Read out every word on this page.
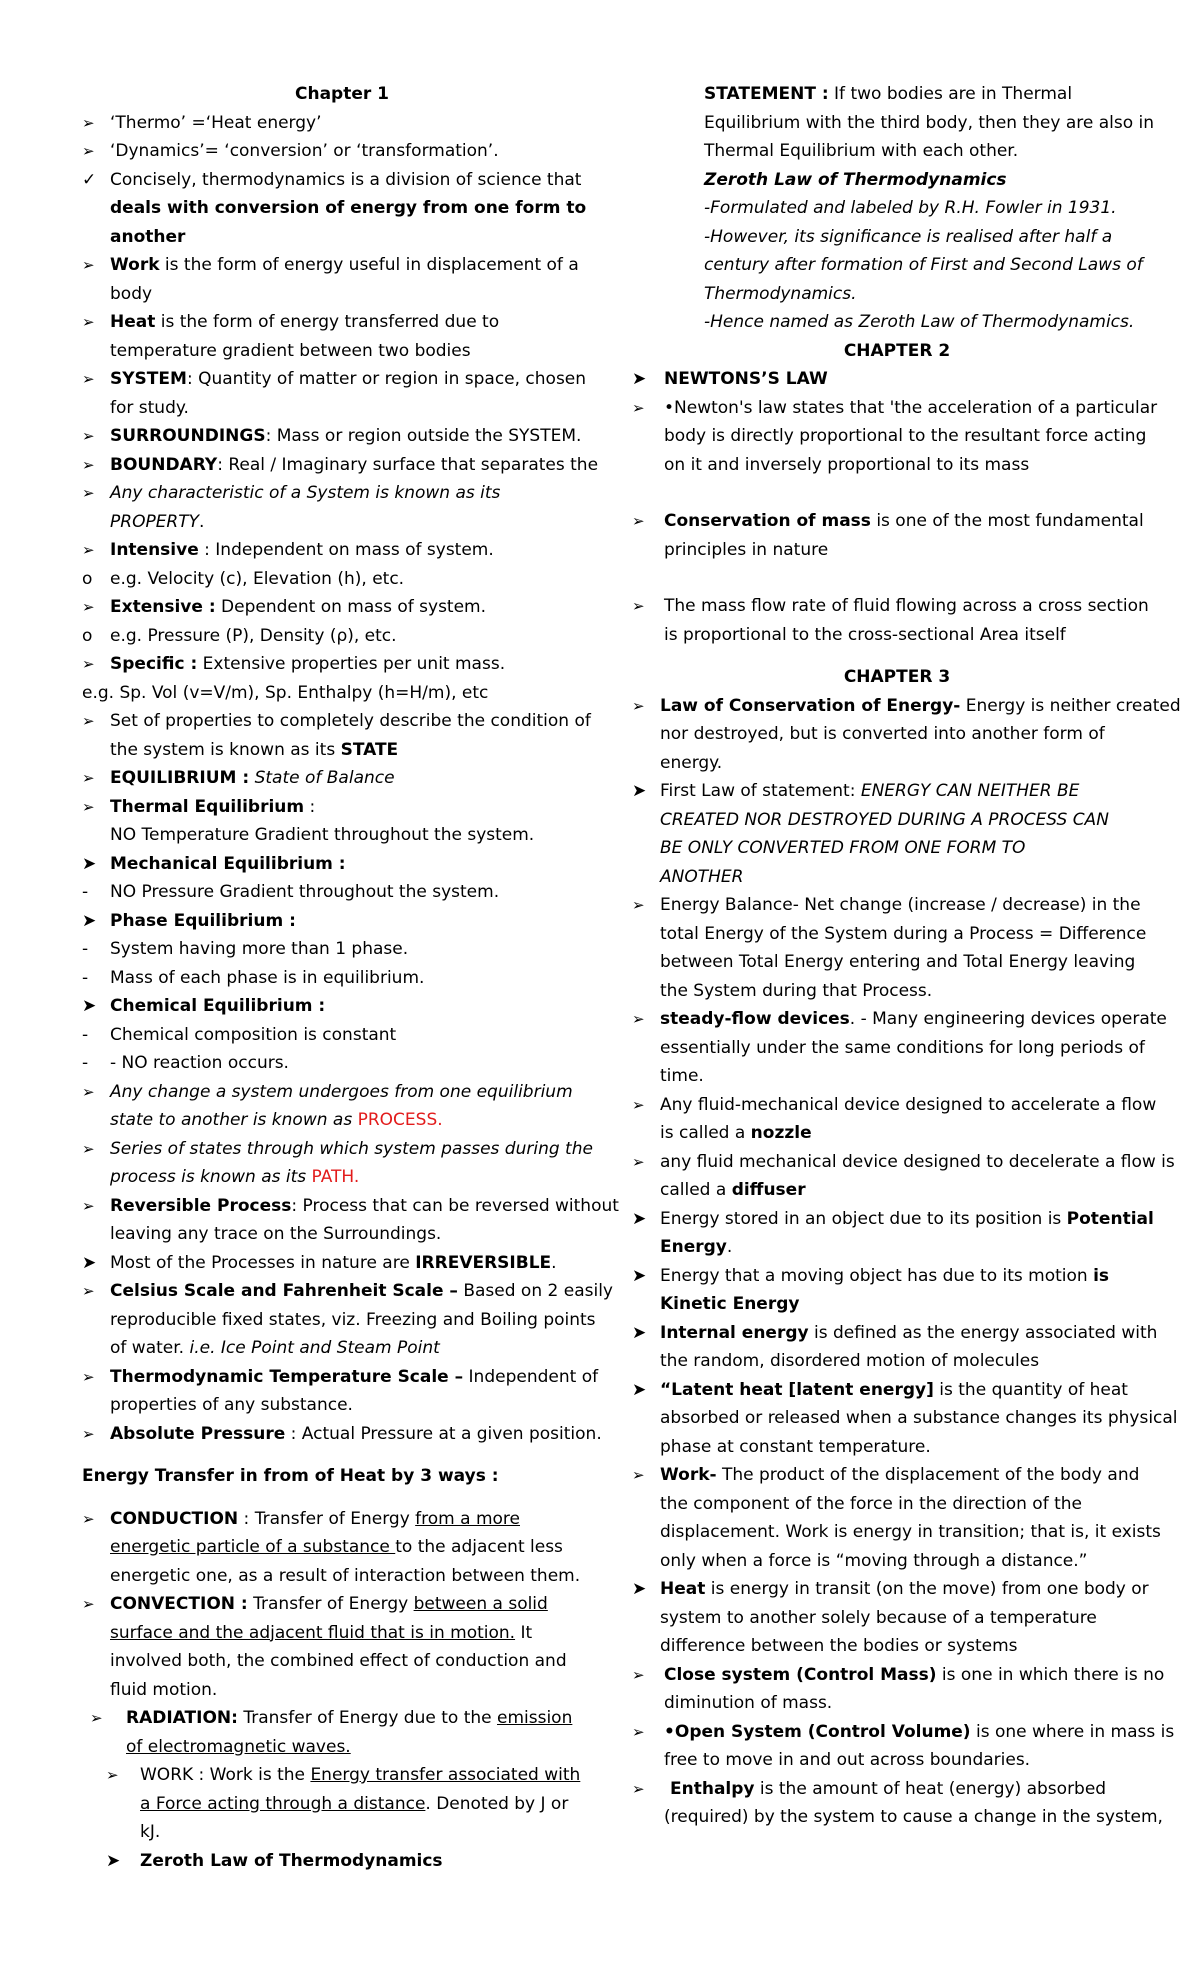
Chapter 1
➢ ‘Thermo’ =‘Heat energy’
➢ ‘Dynamics’= ‘conversion’ or ‘transformation’.
✓ Concisely, thermodynamics is a division of science that
deals with conversion of energy from one form to
another
➢ Work is the form of energy useful in displacement of a
body
➢ Heat is the form of energy transferred due to
temperature gradient between two bodies
➢ SYSTEM: Quantity of matter or region in space, chosen
for study.
➢ SURROUNDINGS: Mass or region outside the SYSTEM.
➢ BOUNDARY: Real / Imaginary surface that separates the
➢ Any characteristic of a System is known as its
PROPERTY.
➢ Intensive : Independent on mass of system.
o	e.g. Velocity (c), Elevation (h), etc.
➢ Extensive : Dependent on mass of system.
o	e.g. Pressure (P), Density (ρ), etc.
➢ Specific : Extensive properties per unit mass.
e.g. Sp. Vol (v=V/m), Sp. Enthalpy (h=H/m), etc
➢ Set of properties to completely describe the condition of
the system is known as its STATE
➢ EQUILIBRIUM : State of Balance
➢ Thermal Equilibrium :
NO Temperature Gradient throughout the system.
➤ Mechanical Equilibrium :
-	NO Pressure Gradient throughout the system.
➤ Phase Equilibrium :
-	System having more than 1 phase.
-	Mass of each phase is in equilibrium.
➤ Chemical Equilibrium :
-	Chemical composition is constant
-	- NO reaction occurs.
➢ Any change a system undergoes from one equilibrium
state to another is known as PROCESS.
➢ Series of states through which system passes during the
process is known as its PATH.
➢ Reversible Process: Process that can be reversed without
leaving any trace on the Surroundings.
➤ Most of the Processes in nature are IRREVERSIBLE.
➢ Celsius Scale and Fahrenheit Scale – Based on 2 easily
reproducible fixed states, viz. Freezing and Boiling points
of water. i.e. Ice Point and Steam Point
➢ Thermodynamic Temperature Scale – Independent of
properties of any substance.
➢ Absolute Pressure : Actual Pressure at a given position.
Energy Transfer in from of Heat by 3 ways :
➢ CONDUCTION : Transfer of Energy from a more
energetic particle of a substance to the adjacent less
energetic one, as a result of interaction between them.
➢ CONVECTION : Transfer of Energy between a solid
surface and the adjacent fluid that is in motion. It
involved both, the combined effect of conduction and
fluid motion.
➢	RADIATION: Transfer of Energy due to the emission
of electromagnetic waves.
➢	WORK : Work is the Energy transfer associated with
a Force acting through a distance. Denoted by J or
kJ.
➤	Zeroth Law of Thermodynamics
STATEMENT : If two bodies are in Thermal
Equilibrium with the third body, then they are also in
Thermal Equilibrium with each other.
Zeroth Law of Thermodynamics
-Formulated and labeled by R.H. Fowler in 1931.
-However, its significance is realised after half a
century after formation of First and Second Laws of
Thermodynamics.
-Hence named as Zeroth Law of Thermodynamics.
CHAPTER 2
➤	NEWTONS’S LAW
➢	•Newton's law states that 'the acceleration of a particular
body is directly proportional to the resultant force acting
on it and inversely proportional to its mass
➢	Conservation of mass is one of the most fundamental
principles in nature
➢	The mass flow rate of fluid flowing across a cross section
is proportional to the cross-sectional Area itself
CHAPTER 3
➢ Law of Conservation of Energy- Energy is neither created
nor destroyed, but is converted into another form of
energy.
➤ First Law of statement: ENERGY CAN NEITHER BE
CREATED NOR DESTROYED DURING A PROCESS CAN
BE ONLY CONVERTED FROM ONE FORM TO
ANOTHER
➢ Energy Balance- Net change (increase / decrease) in the
total Energy of the System during a Process = Difference
between Total Energy entering and Total Energy leaving
the System during that Process.
➢ steady-flow devices. - Many engineering devices operate
essentially under the same conditions for long periods of
time.
➢ Any fluid-mechanical device designed to accelerate a flow
is called a nozzle
➢ any fluid mechanical device designed to decelerate a flow is
called a diffuser
➤ Energy stored in an object due to its position is Potential
Energy.
➤ Energy that a moving object has due to its motion is
Kinetic Energy
➤ Internal energy is defined as the energy associated with
the random, disordered motion of molecules
➤ “Latent heat [latent energy] is the quantity of heat
absorbed or released when a substance changes its physical
phase at constant temperature.
➢ Work- The product of the displacement of the body and
the component of the force in the direction of the
displacement. Work is energy in transition; that is, it exists
only when a force is “moving through a distance.”
➤ Heat is energy in transit (on the move) from one body or
system to another solely because of a temperature
difference between the bodies or systems
➢	Close system (Control Mass) is one in which there is no
diminution of mass.
➢	•Open System (Control Volume) is one where in mass is
free to move in and out across boundaries.
➢	Enthalpy is the amount of heat (energy) absorbed
(required) by the system to cause a change in the system,
